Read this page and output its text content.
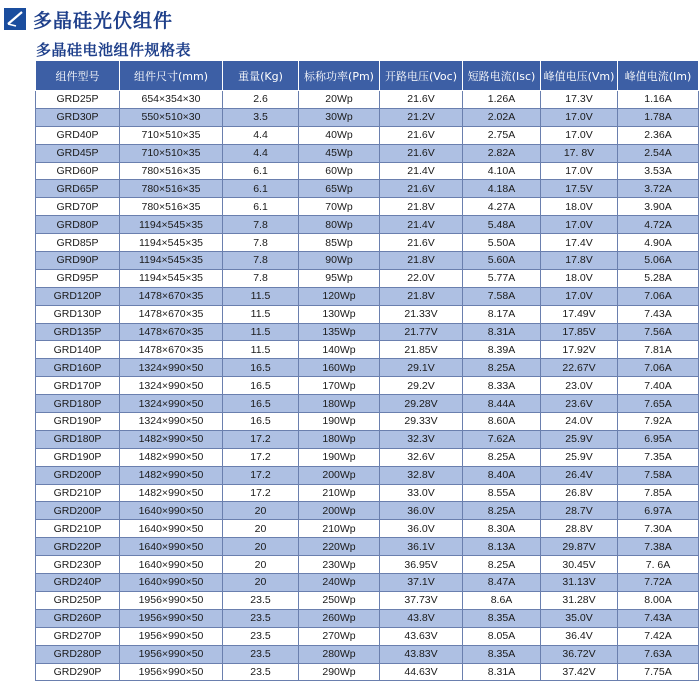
多晶硅光伏组件
多晶硅电池组件规格表
组件型号	组件尺寸(mm)	重量(Kg)	标称功率(Pm)	开路电压(Voc)	短路电流(Isc)	峰值电压(Vm)	峰值电流(Im)
GRD25P	654×354×30	2.6	20Wp	21.6V	1.26A	17.3V	1.16A
GRD30P	550×510×30	3.5	30Wp	21.2V	2.02A	17.0V	1.78A
GRD40P	710×510×35	4.4	40Wp	21.6V	2.75A	17.0V	2.36A
GRD45P	710×510×35	4.4	45Wp	21.6V	2.82A	17. 8V	2.54A
GRD60P	780×516×35	6.1	60Wp	21.4V	4.10A	17.0V	3.53A
GRD65P	780×516×35	6.1	65Wp	21.6V	4.18A	17.5V	3.72A
GRD70P	780×516×35	6.1	70Wp	21.8V	4.27A	18.0V	3.90A
GRD80P	1194×545×35	7.8	80Wp	21.4V	5.48A	17.0V	4.72A
GRD85P	1194×545×35	7.8	85Wp	21.6V	5.50A	17.4V	4.90A
GRD90P	1194×545×35	7.8	90Wp	21.8V	5.60A	17.8V	5.06A
GRD95P	1194×545×35	7.8	95Wp	22.0V	5.77A	18.0V	5.28A
GRD120P	1478×670×35	11.5	120Wp	21.8V	7.58A	17.0V	7.06A
GRD130P	1478×670×35	11.5	130Wp	21.33V	8.17A	17.49V	7.43A
GRD135P	1478×670×35	11.5	135Wp	21.77V	8.31A	17.85V	7.56A
GRD140P	1478×670×35	11.5	140Wp	21.85V	8.39A	17.92V	7.81A
GRD160P	1324×990×50	16.5	160Wp	29.1V	8.25A	22.67V	7.06A
GRD170P	1324×990×50	16.5	170Wp	29.2V	8.33A	23.0V	7.40A
GRD180P	1324×990×50	16.5	180Wp	29.28V	8.44A	23.6V	7.65A
GRD190P	1324×990×50	16.5	190Wp	29.33V	8.60A	24.0V	7.92A
GRD180P	1482×990×50	17.2	180Wp	32.3V	7.62A	25.9V	6.95A
GRD190P	1482×990×50	17.2	190Wp	32.6V	8.25A	25.9V	7.35A
GRD200P	1482×990×50	17.2	200Wp	32.8V	8.40A	26.4V	7.58A
GRD210P	1482×990×50	17.2	210Wp	33.0V	8.55A	26.8V	7.85A
GRD200P	1640×990×50	20	200Wp	36.0V	8.25A	28.7V	6.97A
GRD210P	1640×990×50	20	210Wp	36.0V	8.30A	28.8V	7.30A
GRD220P	1640×990×50	20	220Wp	36.1V	8.13A	29.87V	7.38A
GRD230P	1640×990×50	20	230Wp	36.95V	8.25A	30.45V	7. 6A
GRD240P	1640×990×50	20	240Wp	37.1V	8.47A	31.13V	7.72A
GRD250P	1956×990×50	23.5	250Wp	37.73V	8.6A	31.28V	8.00A
GRD260P	1956×990×50	23.5	260Wp	43.8V	8.35A	35.0V	7.43A
GRD270P	1956×990×50	23.5	270Wp	43.63V	8.05A	36.4V	7.42A
GRD280P	1956×990×50	23.5	280Wp	43.83V	8.35A	36.72V	7.63A
GRD290P	1956×990×50	23.5	290Wp	44.63V	8.31A	37.42V	7.75A
